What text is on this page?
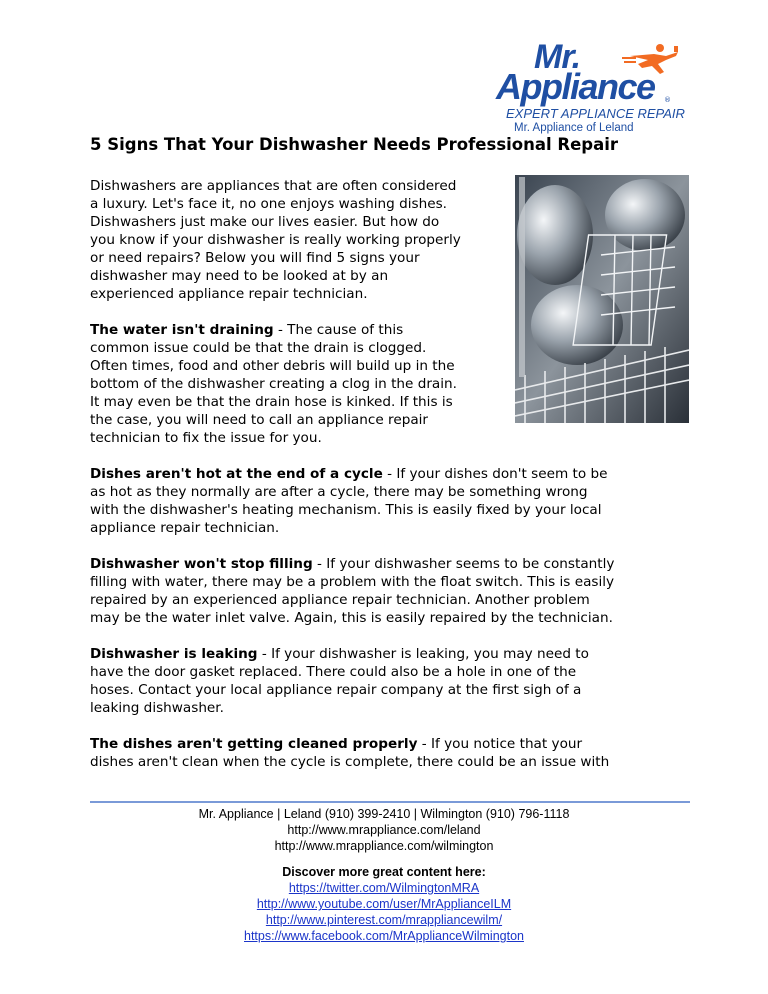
Mr.
Appliance ®
EXPERT APPLIANCE REPAIR
Mr. Appliance of Leland
5 Signs That Your Dishwasher Needs Professional Repair

Dishwashers are appliances that are often considered

a luxury. Let's face it, no one enjoys washing dishes.

Dishwashers just make our lives easier. But how do

you know if your dishwasher is really working properly

or need repairs? Below you will find 5 signs your

dishwasher may need to be looked at by an

experienced appliance repair technician.

The water isn't draining - The cause of this

common issue could be that the drain is clogged.

Often times, food and other debris will build up in the

bottom of the dishwasher creating a clog in the drain.

It may even be that the drain hose is kinked. If this is

the case, you will need to call an appliance repair

technician to fix the issue for you.

Dishes aren't hot at the end of a cycle - If your dishes don't seem to be

as hot as they normally are after a cycle, there may be something wrong

with the dishwasher's heating mechanism. This is easily fixed by your local

appliance repair technician.

Dishwasher won't stop filling - If your dishwasher seems to be constantly

filling with water, there may be a problem with the float switch. This is easily

repaired by an experienced appliance repair technician. Another problem

may be the water inlet valve. Again, this is easily repaired by the technician.

Dishwasher is leaking - If your dishwasher is leaking, you may need to

have the door gasket replaced. There could also be a hole in one of the

hoses. Contact your local appliance repair company at the first sigh of a

leaking dishwasher.

The dishes aren't getting cleaned properly - If you notice that your

dishes aren't clean when the cycle is complete, there could be an issue with

Mr. Appliance | Leland (910) 399-2410 | Wilmington (910) 796-1118

http://www.mrappliance.com/leland

http://www.mrappliance.com/wilmington

Discover more great content here:

https://twitter.com/WilmingtonMRA

http://www.youtube.com/user/MrApplianceILM

http://www.pinterest.com/mrappliancewilm/

https://www.facebook.com/MrApplianceWilmington
